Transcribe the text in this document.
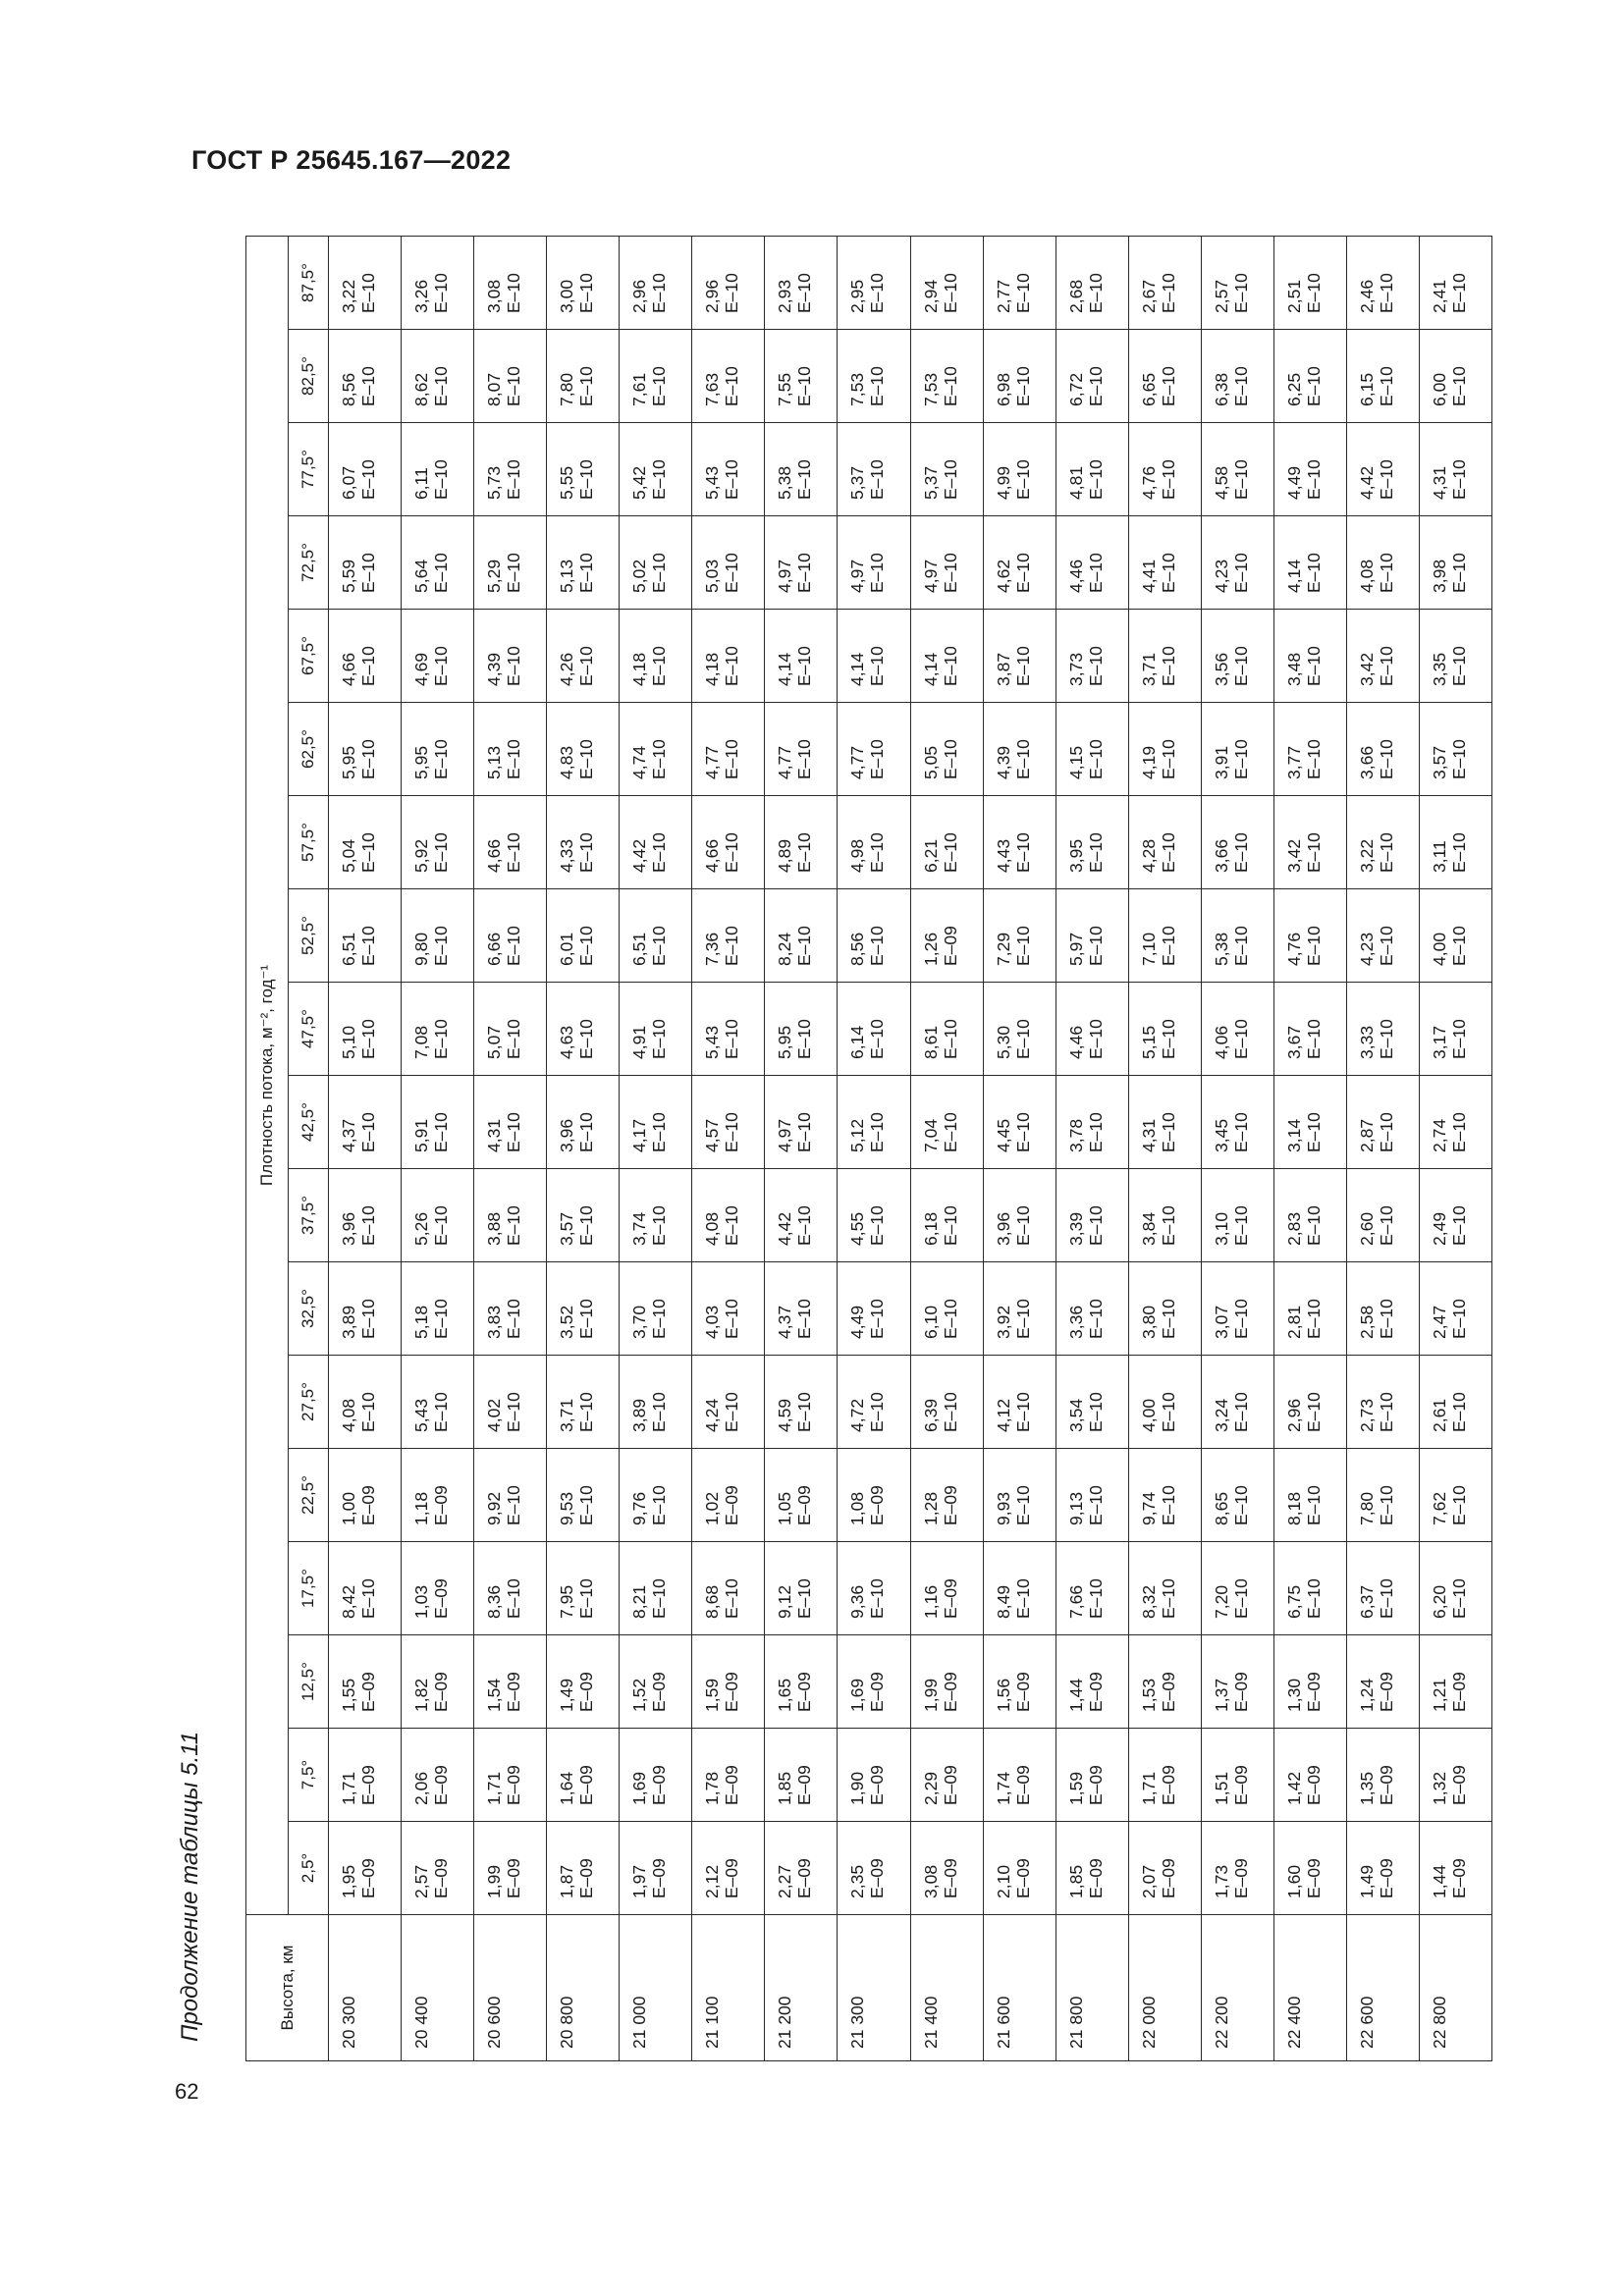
ГОСТ Р 25645.167—2022
Продолжение таблицы 5.11
62
Высота, км	Плотность потока, м⁻², год⁻¹																	
	2,5°	7,5°	12,5°	17,5°	22,5°	27,5°	32,5°	37,5°	42,5°	47,5°	52,5°	57,5°	62,5°	67,5°	72,5°	77,5°	82,5°	87,5°
20 300	1,95 E–09	1,71 E–09	1,55 E–09	8,42 E–10	1,00 E–09	4,08 E–10	3,89 E–10	3,96 E–10	4,37 E–10	5,10 E–10	6,51 E–10	5,04 E–10	5,95 E–10	4,66 E–10	5,59 E–10	6,07 E–10	8,56 E–10	3,22 E–10

20 400	2,57 E–09	2,06 E–09	1,82 E–09	1,03 E–09	1,18 E–09	5,43 E–10	5,18 E–10	5,26 E–10	5,91 E–10	7,08 E–10	9,80 E–10	5,92 E–10	5,95 E–10	4,69 E–10	5,64 E–10	6,11 E–10	8,62 E–10	3,26 E–10

20 600	1,99 E–09	1,71 E–09	1,54 E–09	8,36 E–10	9,92 E–10	4,02 E–10	3,83 E–10	3,88 E–10	4,31 E–10	5,07 E–10	6,66 E–10	4,66 E–10	5,13 E–10	4,39 E–10	5,29 E–10	5,73 E–10	8,07 E–10	3,08 E–10

20 800	1,87 E–09	1,64 E–09	1,49 E–09	7,95 E–10	9,53 E–10	3,71 E–10	3,52 E–10	3,57 E–10	3,96 E–10	4,63 E–10	6,01 E–10	4,33 E–10	4,83 E–10	4,26 E–10	5,13 E–10	5,55 E–10	7,80 E–10	3,00 E–10

21 000	1,97 E–09	1,69 E–09	1,52 E–09	8,21 E–10	9,76 E–10	3,89 E–10	3,70 E–10	3,74 E–10	4,17 E–10	4,91 E–10	6,51 E–10	4,42 E–10	4,74 E–10	4,18 E–10	5,02 E–10	5,42 E–10	7,61 E–10	2,96 E–10

21 100	2,12 E–09	1,78 E–09	1,59 E–09	8,68 E–10	1,02 E–09	4,24 E–10	4,03 E–10	4,08 E–10	4,57 E–10	5,43 E–10	7,36 E–10	4,66 E–10	4,77 E–10	4,18 E–10	5,03 E–10	5,43 E–10	7,63 E–10	2,96 E–10

21 200	2,27 E–09	1,85 E–09	1,65 E–09	9,12 E–10	1,05 E–09	4,59 E–10	4,37 E–10	4,42 E–10	4,97 E–10	5,95 E–10	8,24 E–10	4,89 E–10	4,77 E–10	4,14 E–10	4,97 E–10	5,38 E–10	7,55 E–10	2,93 E–10

21 300	2,35 E–09	1,90 E–09	1,69 E–09	9,36 E–10	1,08 E–09	4,72 E–10	4,49 E–10	4,55 E–10	5,12 E–10	6,14 E–10	8,56 E–10	4,98 E–10	4,77 E–10	4,14 E–10	4,97 E–10	5,37 E–10	7,53 E–10	2,95 E–10

21 400	3,08 E–09	2,29 E–09	1,99 E–09	1,16 E–09	1,28 E–09	6,39 E–10	6,10 E–10	6,18 E–10	7,04 E–10	8,61 E–10	1,26 E–09	6,21 E–10	5,05 E–10	4,14 E–10	4,97 E–10	5,37 E–10	7,53 E–10	2,94 E–10

21 600	2,10 E–09	1,74 E–09	1,56 E–09	8,49 E–10	9,93 E–10	4,12 E–10	3,92 E–10	3,96 E–10	4,45 E–10	5,30 E–10	7,29 E–10	4,43 E–10	4,39 E–10	3,87 E–10	4,62 E–10	4,99 E–10	6,98 E–10	2,77 E–10

21 800	1,85 E–09	1,59 E–09	1,44 E–09	7,66 E–10	9,13 E–10	3,54 E–10	3,36 E–10	3,39 E–10	3,78 E–10	4,46 E–10	5,97 E–10	3,95 E–10	4,15 E–10	3,73 E–10	4,46 E–10	4,81 E–10	6,72 E–10	2,68 E–10

22 000	2,07 E–09	1,71 E–09	1,53 E–09	8,32 E–10	9,74 E–10	4,00 E–10	3,80 E–10	3,84 E–10	4,31 E–10	5,15 E–10	7,10 E–10	4,28 E–10	4,19 E–10	3,71 E–10	4,41 E–10	4,76 E–10	6,65 E–10	2,67 E–10

22 200	1,73 E–09	1,51 E–09	1,37 E–09	7,20 E–10	8,65 E–10	3,24 E–10	3,07 E–10	3,10 E–10	3,45 E–10	4,06 E–10	5,38 E–10	3,66 E–10	3,91 E–10	3,56 E–10	4,23 E–10	4,58 E–10	6,38 E–10	2,57 E–10

22 400	1,60 E–09	1,42 E–09	1,30 E–09	6,75 E–10	8,18 E–10	2,96 E–10	2,81 E–10	2,83 E–10	3,14 E–10	3,67 E–10	4,76 E–10	3,42 E–10	3,77 E–10	3,48 E–10	4,14 E–10	4,49 E–10	6,25 E–10	2,51 E–10

22 600	1,49 E–09	1,35 E–09	1,24 E–09	6,37 E–10	7,80 E–10	2,73 E–10	2,58 E–10	2,60 E–10	2,87 E–10	3,33 E–10	4,23 E–10	3,22 E–10	3,66 E–10	3,42 E–10	4,08 E–10	4,42 E–10	6,15 E–10	2,46 E–10

22 800	1,44 E–09	1,32 E–09	1,21 E–09	6,20 E–10	7,62 E–10	2,61 E–10	2,47 E–10	2,49 E–10	2,74 E–10	3,17 E–10	4,00 E–10	3,11 E–10	3,57 E–10	3,35 E–10	3,98 E–10	4,31 E–10	6,00 E–10	2,41 E–10
